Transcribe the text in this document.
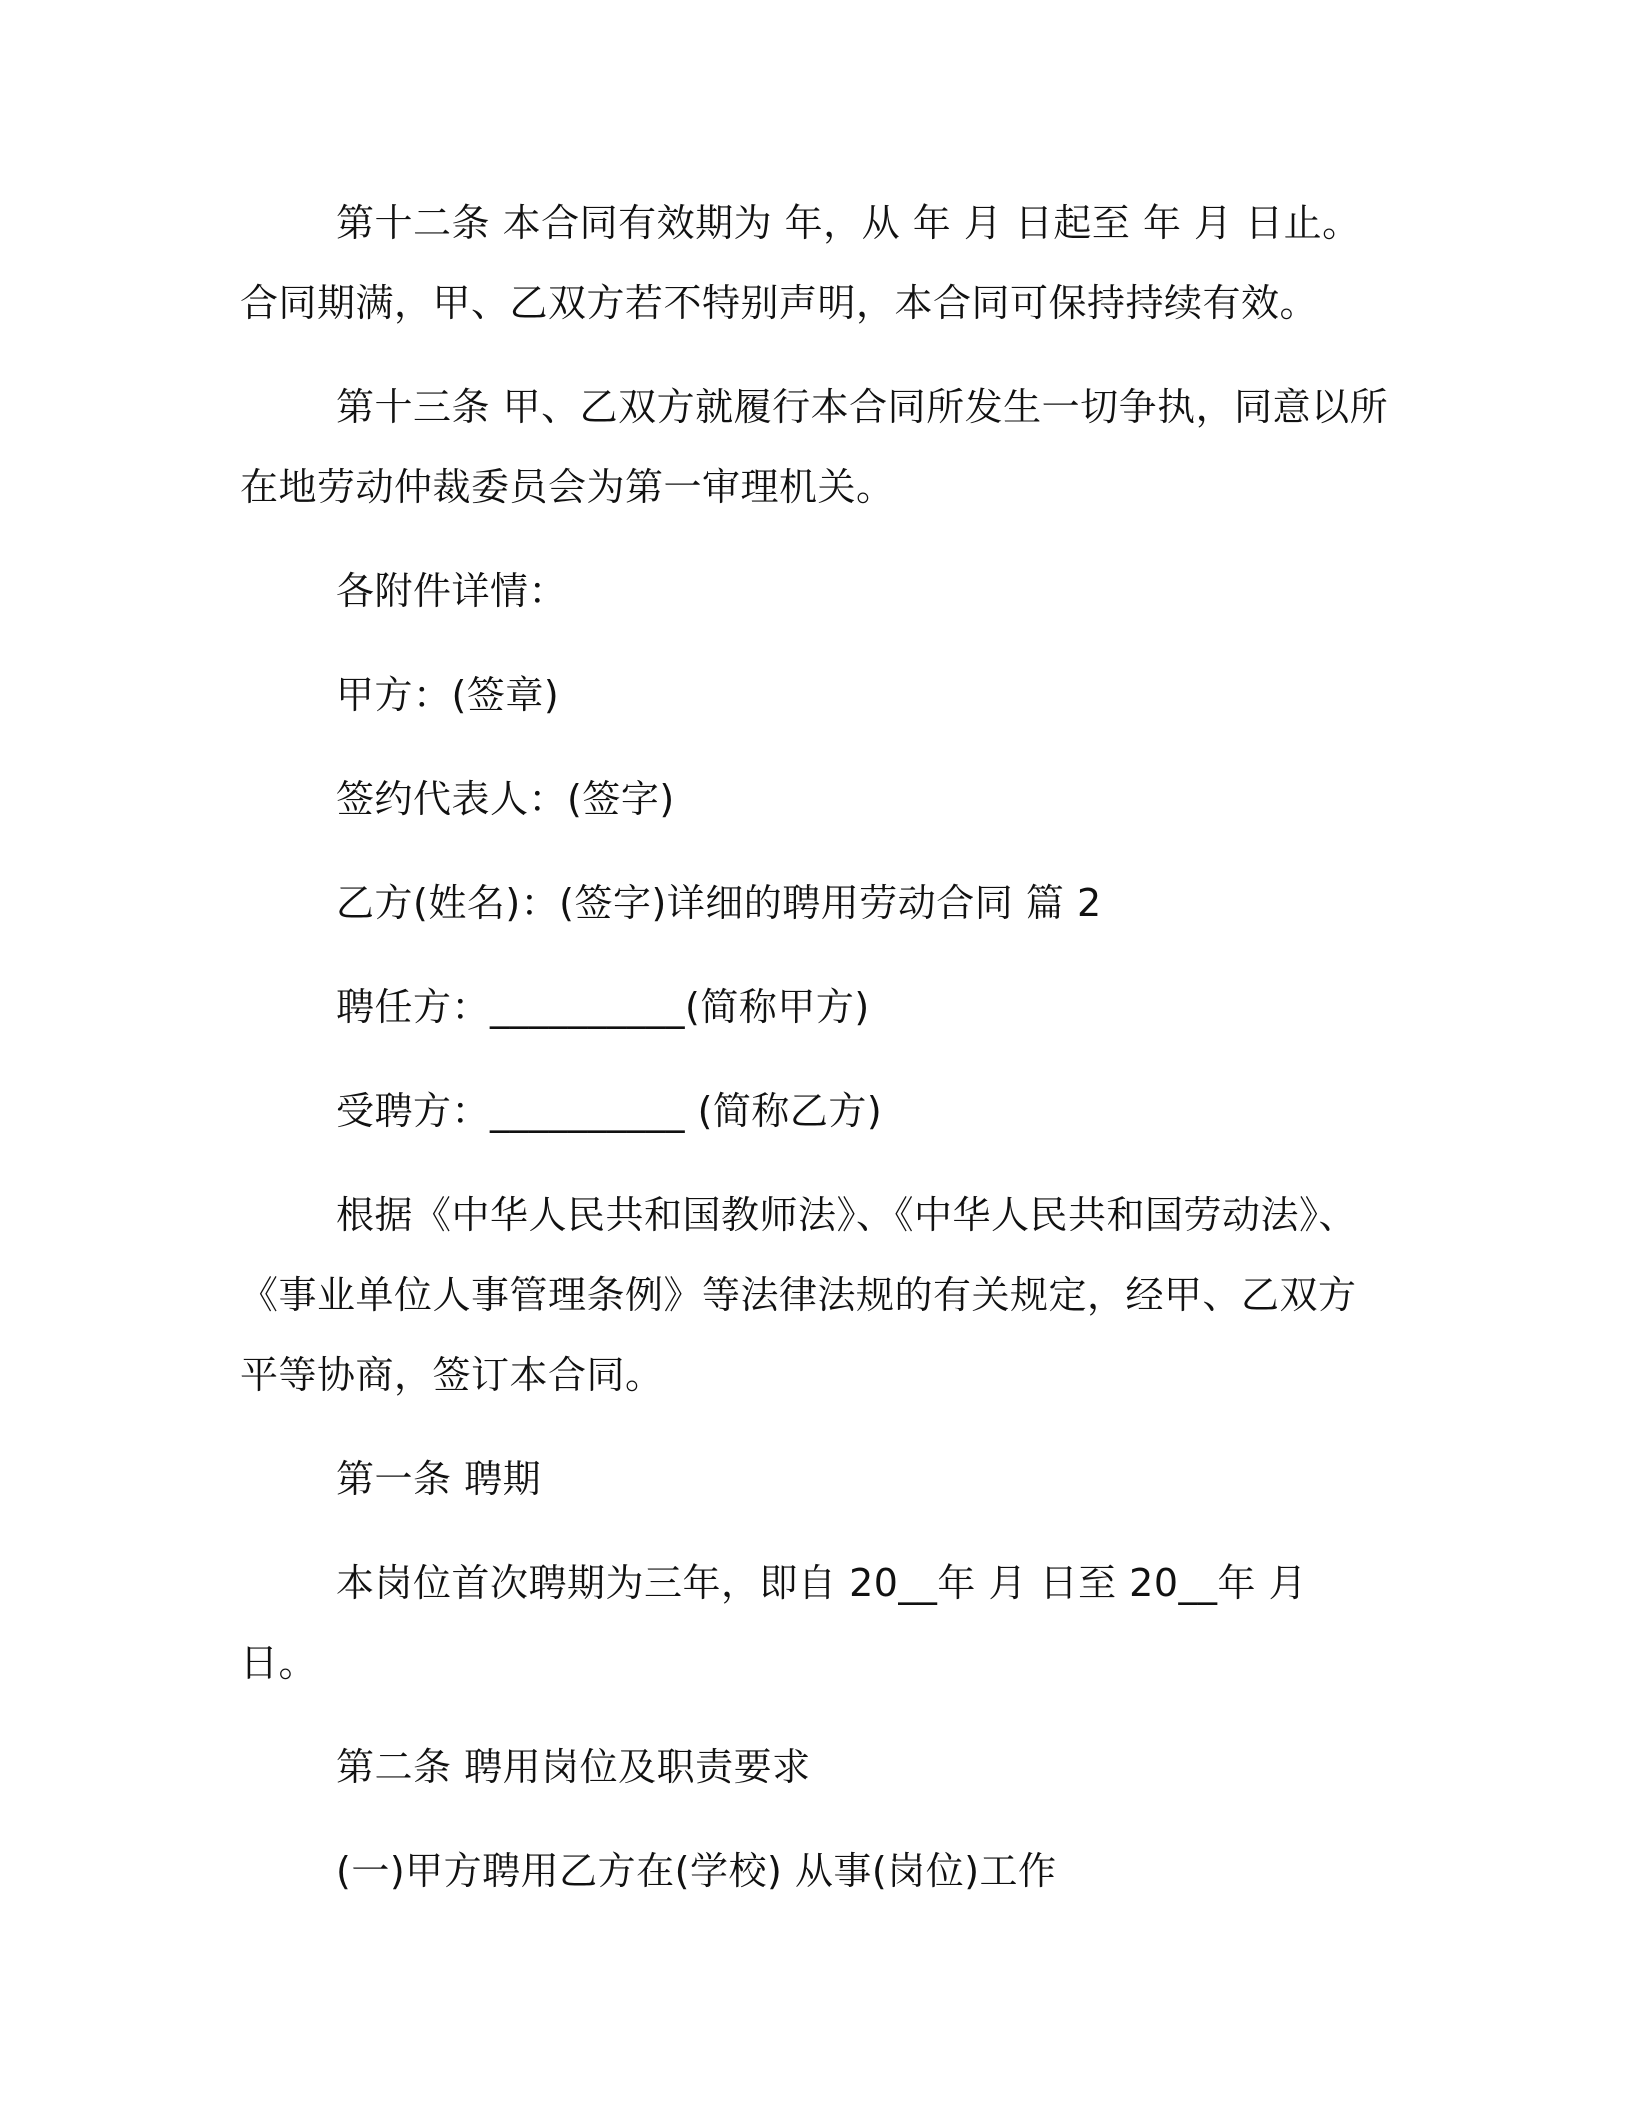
第十二条 本合同有效期为 年，从 年 月 日起至 年 月 日止。合同期满，甲、乙双方若不特别声明，本合同可保持持续有效。

第十三条 甲、乙双方就履行本合同所发生一切争执，同意以所在地劳动仲裁委员会为第一审理机关。

各附件详情：

甲方：(签章)

签约代表人：(签字)

乙方(姓名)：(签字)详细的聘用劳动合同 篇 2

聘任方：__________(简称甲方)

受聘方：__________ (简称乙方)

根据《中华人民共和国教师法》、《中华人民共和国劳动法》、《事业单位人事管理条例》等法律法规的有关规定，经甲、乙双方平等协商，签订本合同。

第一条 聘期

本岗位首次聘期为三年，即自 20__年 月 日至 20__年 月 日。

第二条 聘用岗位及职责要求

(一)甲方聘用乙方在(学校) 从事(岗位)工作
